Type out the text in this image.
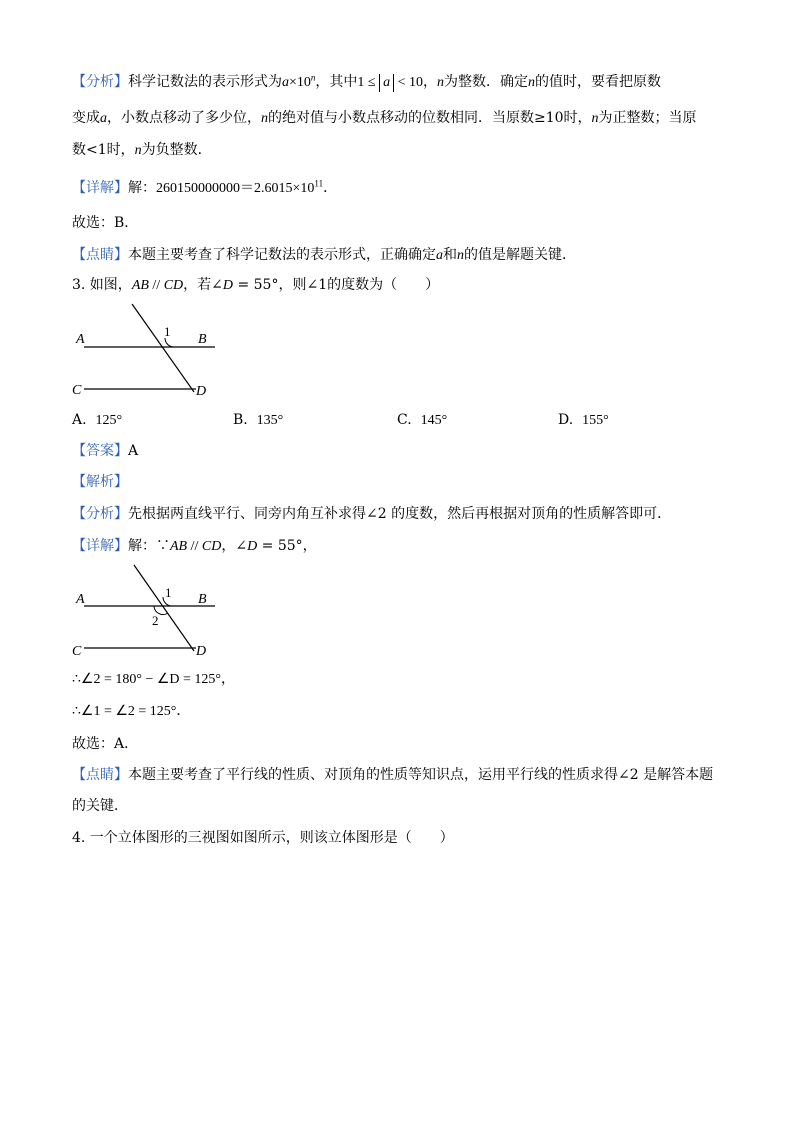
【分析】科学记数法的表示形式为$a\times 10^n$，其中1 ≤ a < 10，n为整数．确定n的值时，要看把原数
变成a，小数点移动了多少位，n的绝对值与小数点移动的位数相同．当原数≥10时，n为正整数；当原
数<1时，n为负整数．
【详解】解：$260150000000=2.6015\times 10^{11}$．
故选：B．
【点睛】本题主要考查了科学记数法的表示形式，正确确定a和n的值是解题关键．
3. 如图，AB // CD，若∠D = 55°，则∠1的度数为（　　）
A	B
C	D
1
A. 125°	B. 135°	C. 145°	D. 155°
【答案】A
【解析】
【分析】先根据两直线平行、同旁内角互补求得∠2 的度数，然后再根据对顶角的性质解答即可．
【详解】解：∵AB // CD，∠D = 55°，
A	B
C	D
1
2
∴∠2 = 180° − ∠D = 125°，
∴∠1 = ∠2 = 125°．
故选：A．
【点睛】本题主要考查了平行线的性质、对顶角的性质等知识点，运用平行线的性质求得∠2 是解答本题
的关键．
4. 一个立体图形的三视图如图所示，则该立体图形是（　　）
